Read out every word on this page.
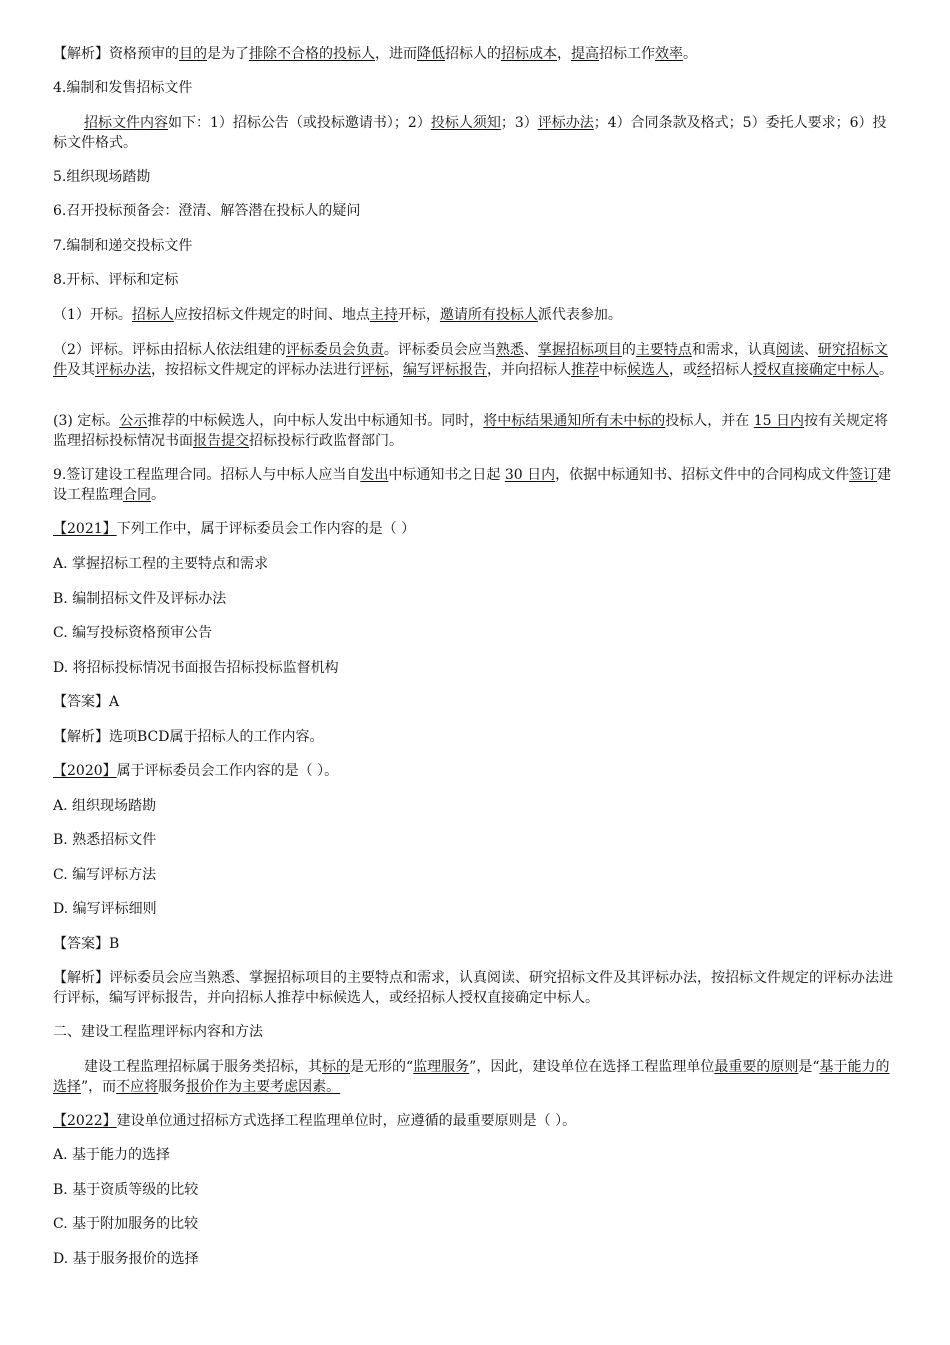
【解析】资格预审的目的是为了排除不合格的投标人，进而降低招标人的招标成本，提高招标工作效率。
4.编制和发售招标文件
招标文件内容如下：1）招标公告（或投标邀请书）；2）投标人须知；3）评标办法；4）合同条款及格式；5）委托人要求；6）投标文件格式。
5.组织现场踏勘
6.召开投标预备会：澄清、解答潜在投标人的疑问
7.编制和递交投标文件
8.开标、评标和定标
（1）开标。招标人应按招标文件规定的时间、地点主持开标，邀请所有投标人派代表参加。
（2）评标。评标由招标人依法组建的评标委员会负责。评标委员会应当熟悉、掌握招标项目的主要特点和需求，认真阅读、研究招标文件及其评标办法，按招标文件规定的评标办法进行评标，编写评标报告，并向招标人推荐中标候选人，或经招标人授权直接确定中标人。
(3) 定标。公示推荐的中标候选人，向中标人发出中标通知书。同时，将中标结果通知所有未中标的投标人，并在 15 日内按有关规定将监理招标投标情况书面报告提交招标投标行政监督部门。
9.签订建设工程监理合同。招标人与中标人应当自发出中标通知书之日起 30 日内，依据中标通知书、招标文件中的合同构成文件签订建设工程监理合同。
【2021】下列工作中，属于评标委员会工作内容的是（ ）
A. 掌握招标工程的主要特点和需求
B. 编制招标文件及评标办法
C. 编写投标资格预审公告
D. 将招标投标情况书面报告招标投标监督机构
【答案】A
【解析】选项BCD属于招标人的工作内容。
【2020】属于评标委员会工作内容的是（ ）。
A. 组织现场踏勘
B. 熟悉招标文件
C. 编写评标方法
D. 编写评标细则
【答案】B
【解析】评标委员会应当熟悉、掌握招标项目的主要特点和需求，认真阅读、研究招标文件及其评标办法，按招标文件规定的评标办法进行评标，编写评标报告，并向招标人推荐中标候选人，或经招标人授权直接确定中标人。
二、建设工程监理评标内容和方法
建设工程监理招标属于服务类招标，其标的是无形的“监理服务”，因此，建设单位在选择工程监理单位最重要的原则是“基于能力的选择”，而不应将服务报价作为主要考虑因素。
【2022】建设单位通过招标方式选择工程监理单位时，应遵循的最重要原则是（ ）。
A. 基于能力的选择
B. 基于资质等级的比较
C. 基于附加服务的比较
D. 基于服务报价的选择
